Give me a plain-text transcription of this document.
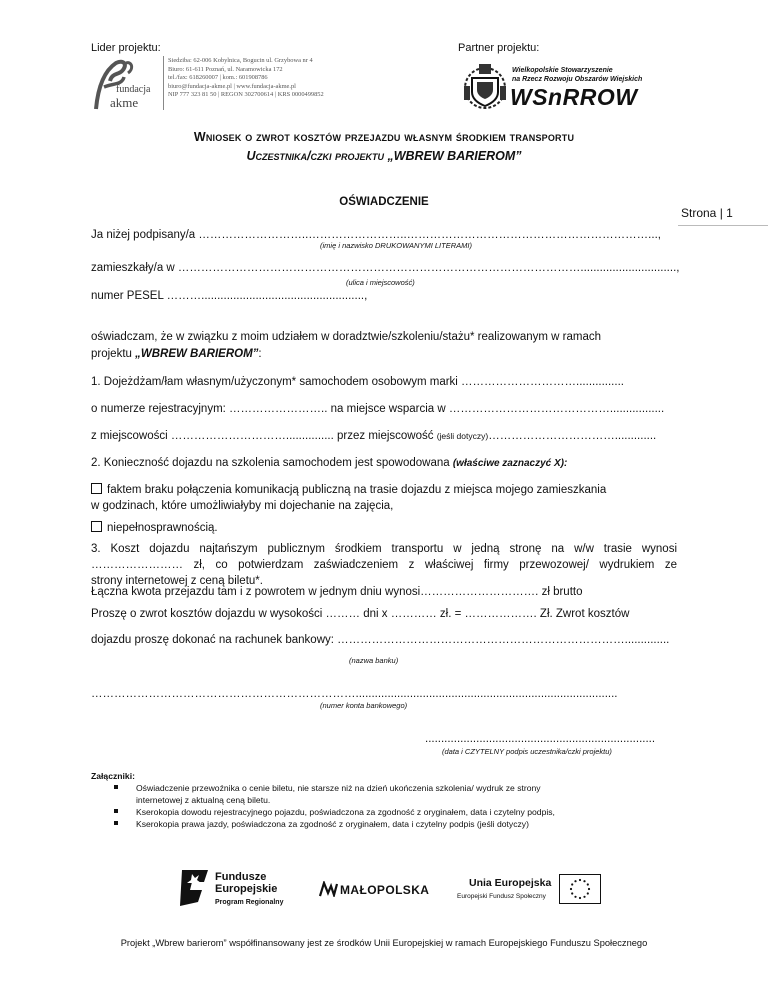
Lider projektu:	Partner projektu:
fundacja
akme
Siedziba: 62-006 Kobylnica, Bogucin ul. Grzybowa nr 4
Biuro: 61-611 Poznań, ul. Naramowicka 172
tel./fax: 618260007 | kom.: 601908786
biuro@fundacja-akme.pl | www.fundacja-akme.pl
NIP 777 323 81 50 | REGON 302700614 | KRS 0000499852
Wielkopolskie Stowarzyszenie
na Rzecz Rozwoju Obszarów Wiejskich
WSnRROW
Strona | 1
Wniosek o zwrot kosztów przejazdu własnym środkiem transportu
Uczestnika/czki projektu „WBREW BARIEROM”
OŚWIADCZENIE
Ja niżej podpisany/a ………………………..……………………..………………………………………………………...,
(imię i nazwisko DRUKOWANYMI LITERAMI)
zamieszkały/a w ……………………………………………………………………………………………..............................,
(ulica i miejscowość)
numer PESEL ………...................................................,
oświadczam, że w związku z moim udziałem w doradztwie/szkoleniu/stażu* realizowanym w ramach
projektu „WBREW BARIEROM”:
1. Dojeżdżam/łam własnym/użyczonym* samochodem osobowym marki …………………………...............
o numerze rejestracyjnym: …………………….. na miejsce wsparcia w …………………………………….................
z miejscowości …………………………............... przez miejscowość (jeśli dotyczy)…………………………….............
2. Konieczność dojazdu na szkolenia samochodem jest spowodowana (właściwe zaznaczyć X):
faktem braku połączenia komunikacją publiczną na trasie dojazdu z miejsca mojego zamieszkania
w godzinach, które umożliwiałyby mi dojechanie na zajęcia,
niepełnosprawnością.
3. Koszt dojazdu najtańszym publicznym środkiem transportu w jedną stronę na w/w trasie wynosi
…………………… zł, co potwierdzam zaświadczeniem z właściwej firmy przewozowej/ wydrukiem ze
strony internetowej z ceną biletu*.
Łączna kwota przejazdu tam i z powrotem w jednym dniu wynosi…………………………. zł brutto
Proszę o zwrot kosztów dojazdu w wysokości ……… dni x ………… zł. = ………………. Zł. Zwrot kosztów
dojazdu proszę dokonać na rachunek bankowy: …………………………………………………………………..............
(nazwa banku)
……………………………………………………………..................................................................................
(numer konta bankowego)
........................................................................
(data i CZYTELNY podpis uczestnika/czki projektu)
Załączniki:
Oświadczenie przewoźnika o cenie biletu, nie starsze niż na dzień ukończenia szkolenia/ wydruk ze strony
internetowej z aktualną ceną biletu.
Kserokopia dowodu rejestracyjnego pojazdu, poświadczona za zgodność z oryginałem, data i czytelny podpis,
Kserokopia prawa jazdy, poświadczona za zgodność z oryginałem, data i czytelny podpis (jeśli dotyczy)
Fundusze
Europejskie
Program Regionalny
MAŁOPOLSKA	Unia Europejska
Europejski Fundusz Społeczny
Projekt „Wbrew barierom” współfinansowany jest ze środków Unii Europejskiej w ramach Europejskiego Funduszu Społecznego
